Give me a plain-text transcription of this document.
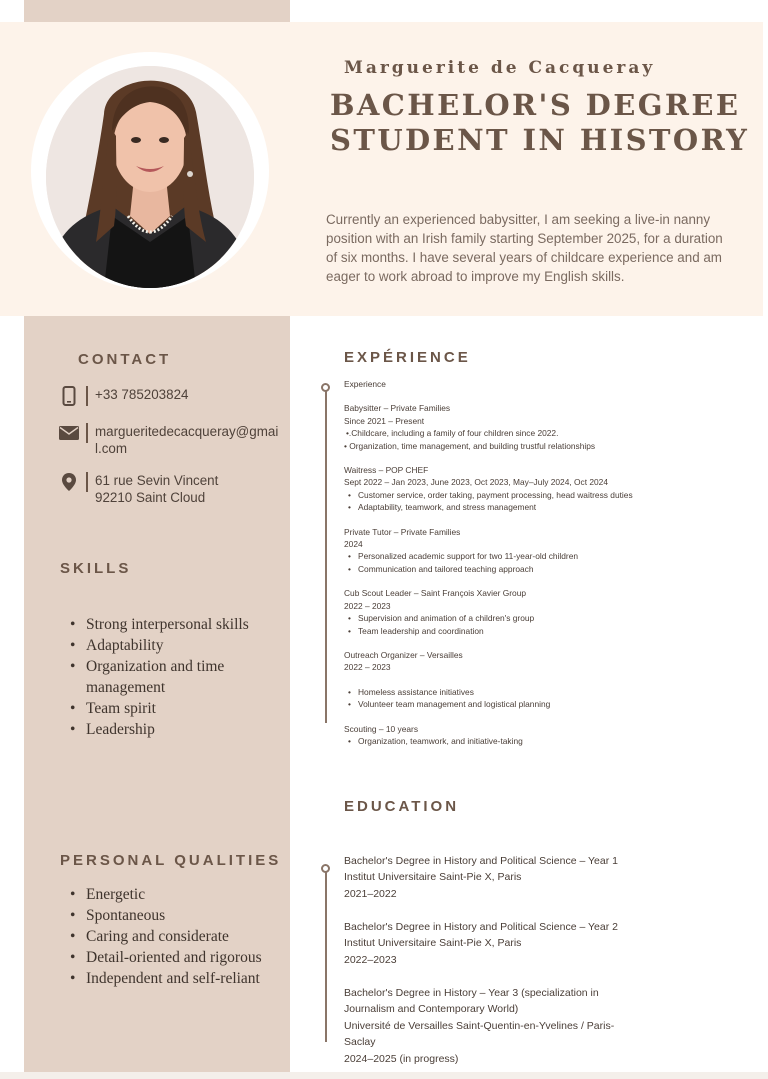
Marguerite de Cacqueray
BACHELOR'S DEGREE STUDENT IN HISTORY
Currently an experienced babysitter, I am seeking a live-in nanny position with an Irish family starting September 2025, for a duration of six months. I have several years of childcare experience and am eager to work abroad to improve my English skills.
CONTACT
+33 785203824
margueritedecacqueray@gmai
l.com
61 rue Sevin Vincent
92210 Saint Cloud
SKILLS
• Strong interpersonal skills
• Adaptability
• Organization and time management
• Team spirit
• Leadership
PERSONAL QUALITIES
• Energetic
• Spontaneous
• Caring and considerate
• Detail-oriented and rigorous
• Independent and self-reliant
EXPÉRIENCE

Experience

Babysitter – Private Families

Since 2021 – Present

•.Childcare, including a family of four children since 2022.
• Organization, time management, and building trustful relationships

Waitress – POP CHEF

Sept 2022 – Jan 2023, June 2023, Oct 2023, May–July 2024, Oct 2024

• Customer service, order taking, payment processing, head waitress duties
• Adaptability, teamwork, and stress management

Private Tutor – Private Families

2024

• Personalized academic support for two 11-year-old children
• Communication and tailored teaching approach

Cub Scout Leader – Saint François Xavier Group

2022 – 2023

• Supervision and animation of a children's group
• Team leadership and coordination

Outreach Organizer – Versailles

2022 – 2023

• Homeless assistance initiatives
• Volunteer team management and logistical planning

Scouting – 10 years

• Organization, teamwork, and initiative-taking
EDUCATION
Bachelor's Degree in History and Political Science – Year 1
Institut Universitaire Saint-Pie X, Paris
2021–2022
Bachelor's Degree in History and Political Science – Year 2
Institut Universitaire Saint-Pie X, Paris
2022–2023
Bachelor's Degree in History – Year 3 (specialization in Journalism and Contemporary World)
Université de Versailles Saint-Quentin-en-Yvelines / Paris-Saclay
2024–2025 (in progress)
